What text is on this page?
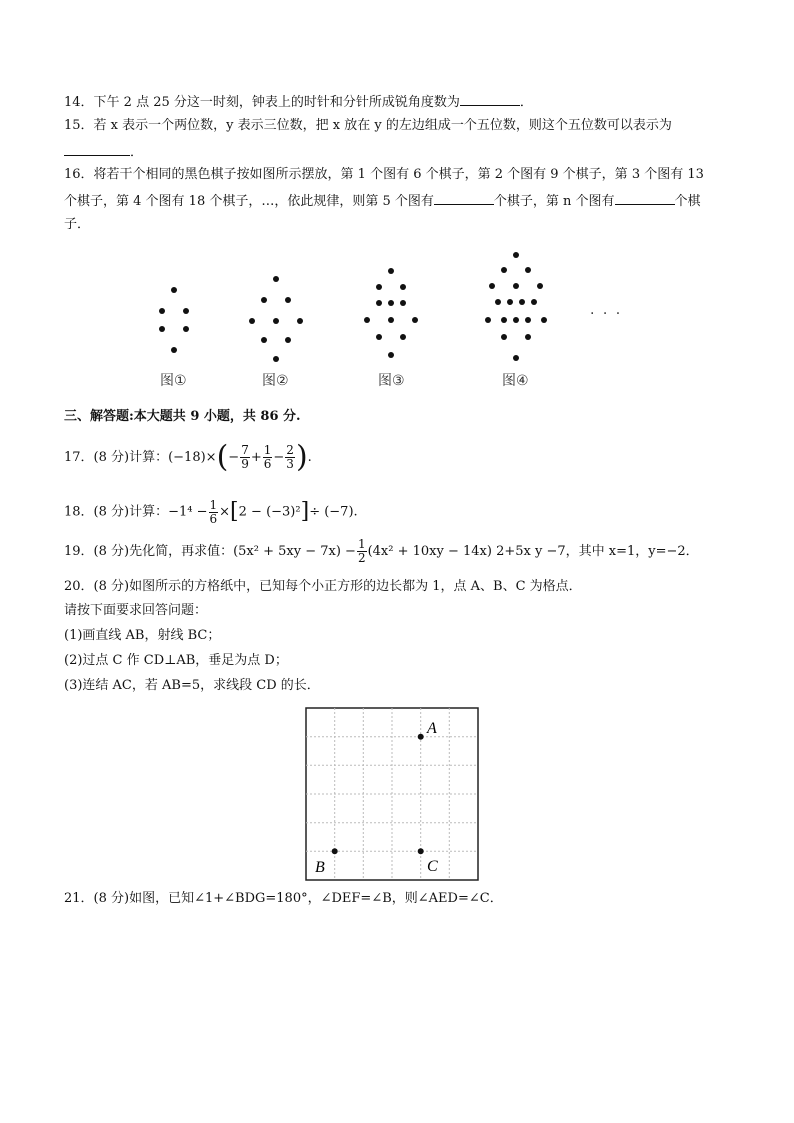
14．下午 2 点 25 分这一时刻，钟表上的时针和分针所成锐角度数为	．
15．若 x 表示一个两位数，y 表示三位数，把 x 放在 y 的左边组成一个五位数，则这个五位数可以表示为
．
16．将若干个相同的黑色棋子按如图所示摆放，第 1 个图有 6 个棋子，第 2 个图有 9 个棋子，第 3 个图有 13
个棋子，第 4 个图有 18 个棋子，…，依此规律，则第 5 个图有	个棋子，第 n 个图有	个棋
子．
· · ·
图①	图②	图③	图④
三、解答题:本大题共 9 小题，共 86 分.
17．(8 分)计算：$(-18)\times(- \frac{7}{9} + \frac{1}{6} - \frac{2}{3}$ ).
18．(8 分)计算：$-1^4 - \frac{1}{6} \times[2 - (-3)^2]\div (-7)$.
19．(8 分)先化简，再求值：$(5x^2 + 5xy - 7x) - \frac{1}{2} (4x^2 + 10xy - 14x)$ 2+5x y −7，其中 x=1，y=−2．
20．(8 分)如图所示的方格纸中，已知每个小正方形的边长都为 1，点 A、B、C 为格点．
请按下面要求回答问题：
(1)画直线 AB，射线 BC；
(2)过点 C 作 CD⊥AB，垂足为点 D；
(3)连结 AC，若 AB=5，求线段 CD 的长．
A
B	C
21．(8 分)如图，已知∠1+∠BDG=180°，∠DEF=∠B，则∠AED=∠C．
